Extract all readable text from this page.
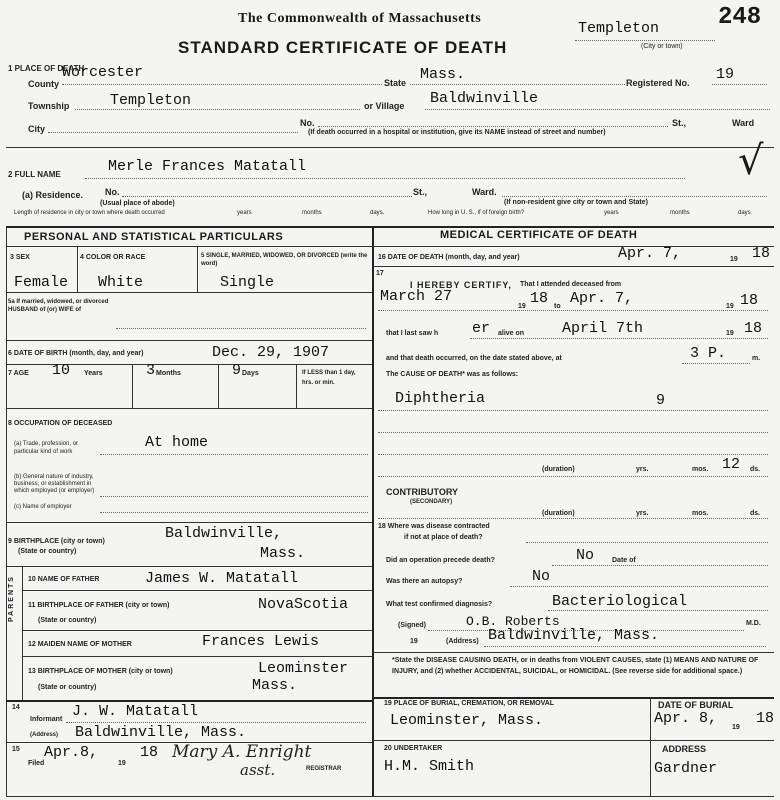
The Commonwealth of Massachusetts
STANDARD CERTIFICATE OF DEATH
Templeton
(City or town)
248
1 PLACE OF DEATH
County
Worcester
State Mass.	Registered No. 19
Township	Templeton	or Village Baldwinville
City
No.	St.,	Ward
(If death occurred in a hospital or institution, give its NAME instead of street and number)
2 FULL NAME	Merle Frances Matatall	√
(a) Residence. No.	St.,	Ward.
(Usual place of abode)	(If non-resident give city or town and State)
Length of residence in city or town where death occurred	years	months	days.	How long in U. S., if of foreign birth?	years	months	days
PERSONAL AND STATISTICAL PARTICULARS
3 SEX
Female
4 COLOR OR RACE
White
5 SINGLE, MARRIED, WIDOWED, OR DIVORCED (write the word)
Single
5a If married, widowed, or divorced HUSBAND of (or) WIFE of
6 DATE OF BIRTH (month, day, and year)	Dec. 29, 1907
7 AGE 10 Years	3 Months	9 Days	If LESS than 1 day, hrs. or min.
8 OCCUPATION OF DECEASED
(a) Trade, profession, or particular kind of work
At home
(b) General nature of industry, business, or establishment in which employed (or employer)
(c) Name of employer
9 BIRTHPLACE (city or town)
(State or country)
Baldwinville,
Mass.
PARENTS 10 NAME OF FATHER	James W. Matatall
11 BIRTHPLACE OF FATHER (city or town)	NovaScotia
(State or country)
12 MAIDEN NAME OF MOTHER	Frances Lewis
13 BIRTHPLACE OF MOTHER (city or town)	Leominster
(State or country)	Mass.
14
Informant J. W. Matatall
(Address) Baldwinville, Mass.
15
Filed
Apr.8,
19
18 Mary A. Enright
asst.	REGISTRAR
MEDICAL CERTIFICATE OF DEATH
16 DATE OF DEATH (month, day, and year)	Apr. 7,	19 18
17
I HEREBY CERTIFY, That I attended deceased from
March 27
19 18 to Apr. 7,	19 18
that I last saw h er alive on	April 7th	19 18
and that death occurred, on the date stated above, at	3 P.	m.
The CAUSE OF DEATH* was as follows:
Diphtheria	9
(duration)	yrs.	mos. 12 ds.
CONTRIBUTORY
(SECONDARY)
(duration)	yrs.	mos.	ds.
18 Where was disease contracted
if not at place of death?
Did an operation precede death?	No	Date of
Was there an autopsy?	No
What test confirmed diagnosis?	Bacteriological
(Signed)	O.B. Roberts	M.D.
19	(Address) Baldwinville, Mass.
*State the DISEASE CAUSING DEATH, or in deaths from VIOLENT CAUSES, state (1) MEANS AND NATURE OF INJURY, and (2) whether ACCIDENTAL, SUICIDAL, or HOMICIDAL. (See reverse side for additional space.)
19 PLACE OF BURIAL, CREMATION, OR REMOVAL
Leominster, Mass.
DATE OF BURIAL
Apr. 8,
19
18
20 UNDERTAKER
H.M. Smith
ADDRESS
Gardner
